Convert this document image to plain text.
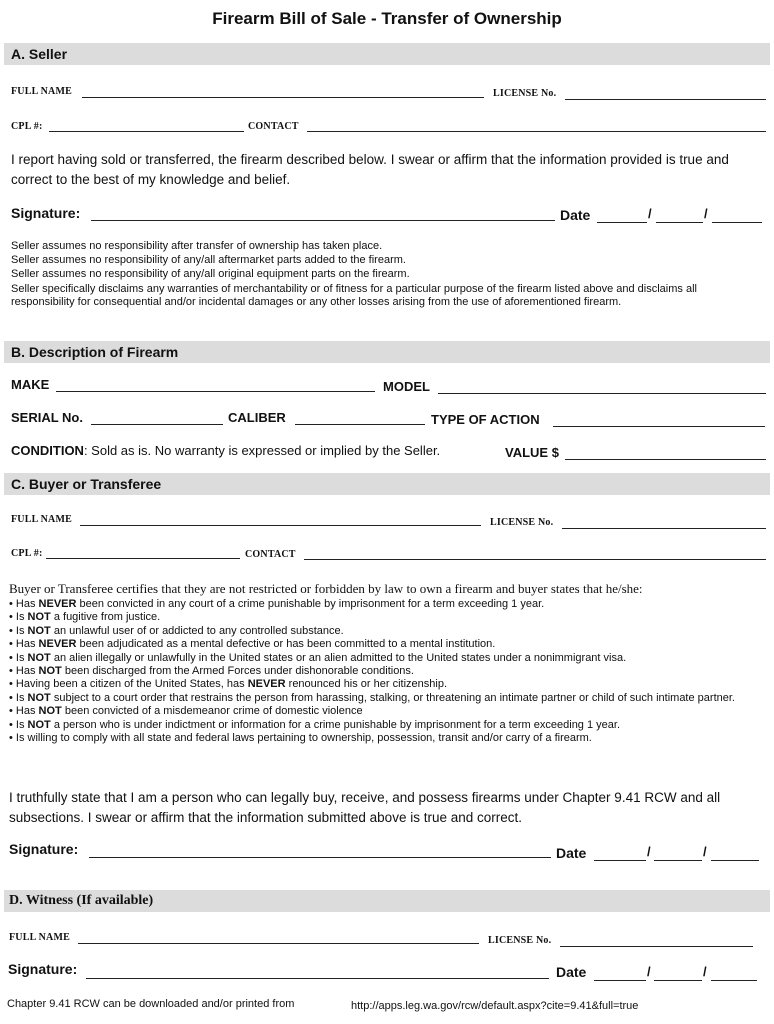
Firearm Bill of Sale - Transfer of Ownership
A. Seller
FULL NAME	LICENSE No.
CPL #:	CONTACT
I report having sold or transferred, the firearm described below. I swear or affirm that the information provided is true and correct to the best of my knowledge and belief.
Signature:	Date	/	/
Seller assumes no responsibility after transfer of ownership has taken place.
Seller assumes no responsibility of any/all aftermarket parts added to the firearm.
Seller assumes no responsibility of any/all original equipment parts on the firearm.
Seller specifically disclaims any warranties of merchantability or of fitness for a particular purpose of the firearm listed above and disclaims all responsibility for consequential and/or incidental damages or any other losses arising from the use of aforementioned firearm.
B. Description of Firearm
MAKE	MODEL
SERIAL No.	CALIBER	TYPE OF ACTION
CONDITION: Sold as is. No warranty is expressed or implied by the Seller.	VALUE $
C. Buyer or Transferee
FULL NAME	LICENSE No.
CPL #:	CONTACT
Buyer or Transferee certifies that they are not restricted or forbidden by law to own a firearm and buyer states that he/she:
• Has NEVER been convicted in any court of a crime punishable by imprisonment for a term exceeding 1 year.
• Is NOT a fugitive from justice.
• Is NOT an unlawful user of or addicted to any controlled substance.
• Has NEVER been adjudicated as a mental defective or has been committed to a mental institution.
• Is NOT an alien illegally or unlawfully in the United states or an alien admitted to the United states under a nonimmigrant visa.
• Has NOT been discharged from the Armed Forces under dishonorable conditions.
• Having been a citizen of the United States, has NEVER renounced his or her citizenship.
• Is NOT subject to a court order that restrains the person from harassing, stalking, or threatening an intimate partner or child of such intimate partner.
• Has NOT been convicted of a misdemeanor crime of domestic violence
• Is NOT a person who is under indictment or information for a crime punishable by imprisonment for a term exceeding 1 year.
• Is willing to comply with all state and federal laws pertaining to ownership, possession, transit and/or carry of a firearm.
I truthfully state that I am a person who can legally buy, receive, and possess firearms under Chapter 9.41 RCW and all subsections. I swear or affirm that the information submitted above is true and correct.
Signature:	Date	/	/
D. Witness (If available)
FULL NAME	LICENSE No.
Signature:	Date	/	/
Chapter 9.41 RCW can be downloaded and/or printed from	http://apps.leg.wa.gov/rcw/default.aspx?cite=9.41&full=true
